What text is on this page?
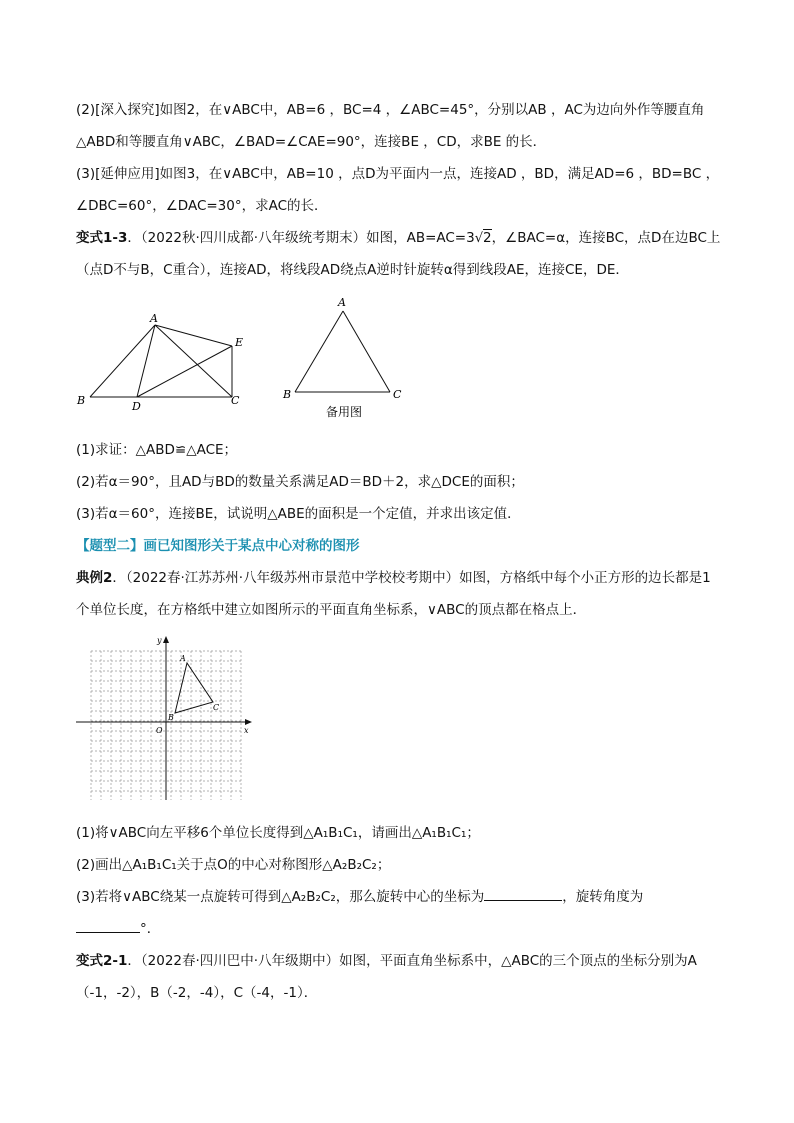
(2)[深入探究]如图2，在∨ABC中，AB=6 ，BC=4 ，∠ABC=45°，分别以AB ，AC为边向外作等腰直角
△ABD和等腰直角∨ABC，∠BAD=∠CAE=90°，连接BE ，CD，求BE 的长．
(3)[延伸应用]如图3，在∨ABC中，AB=10 ，点D为平面内一点，连接AD ，BD，满足AD=6 ，BD=BC ，
∠DBC=60°，∠DAC=30°，求AC的长．
变式1-3．（2022秋·四川成都·八年级统考期末）如图，AB=AC=3√2，∠BAC=α，连接BC，点D在边BC上
（点D不与B，C重合），连接AD，将线段AD绕点A逆时针旋转α得到线段AE，连接CE，DE．
A
E
B	D	C
A
B	C
备用图
(1)求证：△ABD≌△ACE；
(2)若α＝90°，且AD与BD的数量关系满足AD＝BD＋2，求△DCE的面积；
(3)若α＝60°，连接BE，试说明△ABE的面积是一个定值，并求出该定值．
【题型二】画已知图形关于某点中心对称的图形
典例2．（2022春·江苏苏州·八年级苏州市景范中学校校考期中）如图，方格纸中每个小正方形的边长都是1
个单位长度，在方格纸中建立如图所示的平面直角坐标系，∨ABC的顶点都在格点上．
y
x
O
A
B
C
(1)将∨ABC向左平移6个单位长度得到△A₁B₁C₁，请画出△A₁B₁C₁；
(2)画出△A₁B₁C₁关于点O的中心对称图形△A₂B₂C₂；
(3)若将∨ABC绕某一点旋转可得到△A₂B₂C₂，那么旋转中心的坐标为	，旋转角度为
°．
变式2-1．（2022春·四川巴中·八年级期中）如图，平面直角坐标系中，△ABC的三个顶点的坐标分别为A
（-1，-2），B（-2，-4），C（-4，-1）．
